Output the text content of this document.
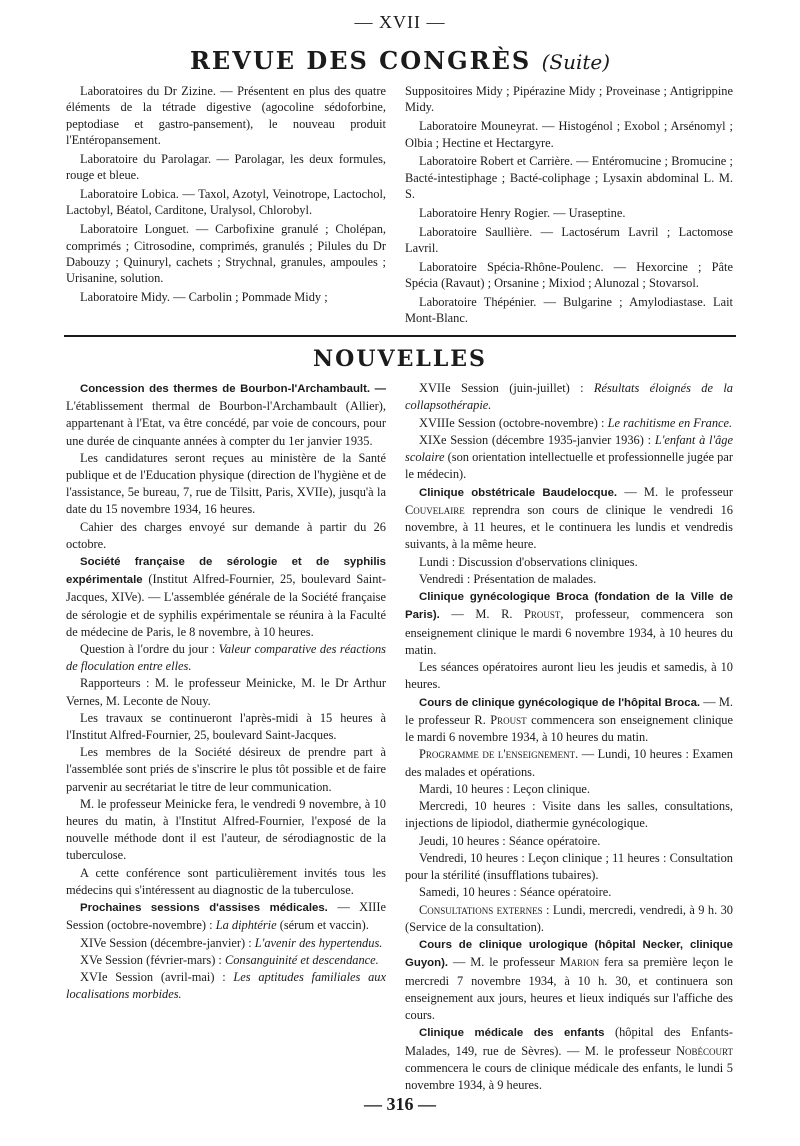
— XVII —
REVUE DES CONGRÈS (Suite)

Laboratoires du Dr Zizine. — Présentent en plus des quatre éléments de la tétrade digestive (agocoline sédoforbine, peptodiase et gastro-pansement), le nouveau produit l'Entéropansement.

Laboratoire du Parolagar. — Parolagar, les deux formules, rouge et bleue.

Laboratoire Lobica. — Taxol, Azotyl, Veinotrope, Lactochol, Lactobyl, Béatol, Carditone, Uralysol, Chlorobyl.

Laboratoire Longuet. — Carbofixine granulé ; Cholépan, comprimés ; Citrosodine, comprimés, granulés ; Pilules du Dr Dabouzy ; Quinuryl, cachets ; Strychnal, granules, ampoules ; Urisanine, solution.

Laboratoire Midy. — Carbolin ; Pommade Midy ;

Suppositoires Midy ; Pipérazine Midy ; Proveinase ; Antigrippine Midy.

Laboratoire Mouneyrat. — Histogénol ; Exobol ; Arsénomyl ; Olbia ; Hectine et Hectargyre.

Laboratoire Robert et Carrière. — Entéromucine ; Bromucine ; Bacté-intestiphage ; Bacté-coliphage ; Lysaxin abdominal L. M. S.

Laboratoire Henry Rogier. — Uraseptine.

Laboratoire Saullière. — Lactosérum Lavril ; Lactomose Lavril.

Laboratoire Spécia-Rhône-Poulenc. — Hexorcine ; Pâte Spécia (Ravaut) ; Orsanine ; Mixiod ; Alunozal ; Stovarsol.

Laboratoire Thépénier. — Bulgarine ; Amylodiastase. Lait Mont-Blanc.

NOUVELLES

Concession des thermes de Bourbon-l'Archambault. — L'établissement thermal de Bourbon-l'Archambault (Allier), appartenant à l'Etat, va être concédé, par voie de concours, pour une durée de cinquante années à compter du 1er janvier 1935.

Les candidatures seront reçues au ministère de la Santé publique et de l'Education physique (direction de l'hygiène et de l'assistance, 5e bureau, 7, rue de Tilsitt, Paris, XVIIe), jusqu'à la date du 15 novembre 1934, 16 heures.

Cahier des charges envoyé sur demande à partir du 26 octobre.

Société française de sérologie et de syphilis expérimentale (Institut Alfred-Fournier, 25, boulevard Saint-Jacques, XIVe). — L'assemblée générale de la Société française de sérologie et de syphilis expérimentale se réunira à la Faculté de médecine de Paris, le 8 novembre, à 10 heures.

Question à l'ordre du jour : Valeur comparative des réactions de floculation entre elles.

Rapporteurs : M. le professeur Meinicke, M. le Dr Arthur Vernes, M. Leconte de Nouy.

Les travaux se continueront l'après-midi à 15 heures à l'Institut Alfred-Fournier, 25, boulevard Saint-Jacques.

Les membres de la Société désireux de prendre part à l'assemblée sont priés de s'inscrire le plus tôt possible et de faire parvenir au secrétariat le titre de leur communication.

M. le professeur Meinicke fera, le vendredi 9 novembre, à 10 heures du matin, à l'Institut Alfred-Fournier, l'exposé de la nouvelle méthode dont il est l'auteur, de sérodiagnostic de la tuberculose.

A cette conférence sont particulièrement invités tous les médecins qui s'intéressent au diagnostic de la tuberculose.

Prochaines sessions d'assises médicales. — XIIIe Session (octobre-novembre) : La diphtérie (sérum et vaccin).

XIVe Session (décembre-janvier) : L'avenir des hypertendus.

XVe Session (février-mars) : Consanguinité et descendance.

XVIe Session (avril-mai) : Les aptitudes familiales aux localisations morbides.

XVIIe Session (juin-juillet) : Résultats éloignés de la collapsothérapie.

XVIIIe Session (octobre-novembre) : Le rachitisme en France.

XIXe Session (décembre 1935-janvier 1936) : L'enfant à l'âge scolaire (son orientation intellectuelle et professionnelle jugée par le médecin).

Clinique obstétricale Baudelocque. — M. le professeur Couvelaire reprendra son cours de clinique le vendredi 16 novembre, à 11 heures, et le continuera les lundis et vendredis suivants, à la même heure.

Lundi : Discussion d'observations cliniques.

Vendredi : Présentation de malades.

Clinique gynécologique Broca (fondation de la Ville de Paris). — M. R. Proust, professeur, commencera son enseignement clinique le mardi 6 novembre 1934, à 10 heures du matin.

Les séances opératoires auront lieu les jeudis et samedis, à 10 heures.

Cours de clinique gynécologique de l'hôpital Broca. — M. le professeur R. Proust commencera son enseignement clinique le mardi 6 novembre 1934, à 10 heures du matin.

Programme de l'enseignement. — Lundi, 10 heures : Examen des malades et opérations.

Mardi, 10 heures : Leçon clinique.

Mercredi, 10 heures : Visite dans les salles, consultations, injections de lipiodol, diathermie gynécologique.

Jeudi, 10 heures : Séance opératoire.

Vendredi, 10 heures : Leçon clinique ; 11 heures : Consultation pour la stérilité (insufflations tubaires).

Samedi, 10 heures : Séance opératoire.

Consultations externes : Lundi, mercredi, vendredi, à 9 h. 30 (Service de la consultation).

Cours de clinique urologique (hôpital Necker, clinique Guyon). — M. le professeur Marion fera sa première leçon le mercredi 7 novembre 1934, à 10 h. 30, et continuera son enseignement aux jours, heures et lieux indiqués sur l'affiche des cours.

Clinique médicale des enfants (hôpital des Enfants-Malades, 149, rue de Sèvres). — M. le professeur Nobécourt commencera le cours de clinique médicale des enfants, le lundi 5 novembre 1934, à 9 heures.

— 316 —
